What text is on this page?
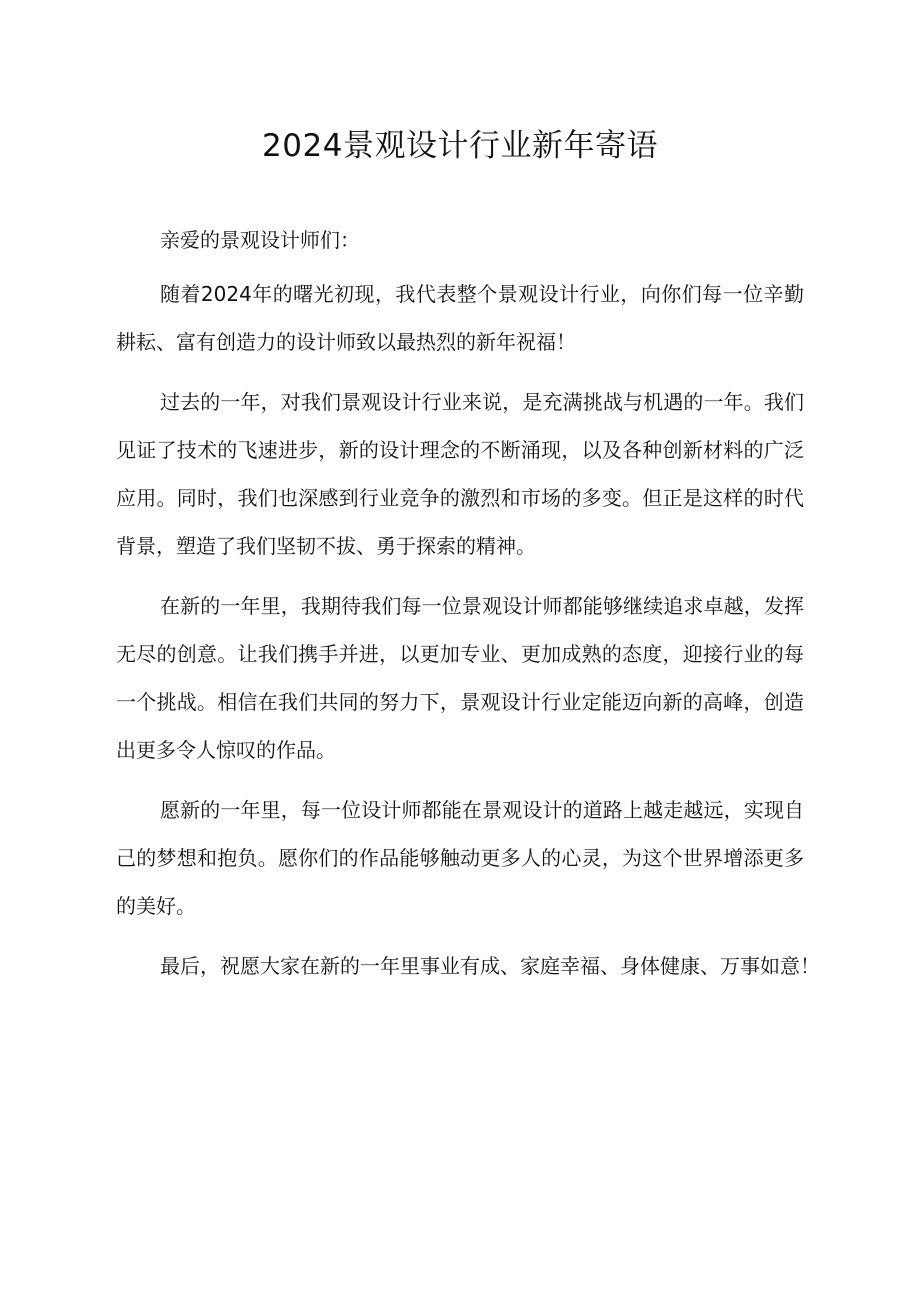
2024景观设计行业新年寄语

亲爱的景观设计师们：

随着2024年的曙光初现，我代表整个景观设计行业，向你们每一位辛勤耕耘、富有创造力的设计师致以最热烈的新年祝福！

过去的一年，对我们景观设计行业来说，是充满挑战与机遇的一年。我们见证了技术的飞速进步，新的设计理念的不断涌现，以及各种创新材料的广泛应用。同时，我们也深感到行业竞争的激烈和市场的多变。但正是这样的时代背景，塑造了我们坚韧不拔、勇于探索的精神。

在新的一年里，我期待我们每一位景观设计师都能够继续追求卓越，发挥无尽的创意。让我们携手并进，以更加专业、更加成熟的态度，迎接行业的每一个挑战。相信在我们共同的努力下，景观设计行业定能迈向新的高峰，创造出更多令人惊叹的作品。

愿新的一年里，每一位设计师都能在景观设计的道路上越走越远，实现自己的梦想和抱负。愿你们的作品能够触动更多人的心灵，为这个世界增添更多的美好。

最后，祝愿大家在新的一年里事业有成、家庭幸福、身体健康、万事如意！
